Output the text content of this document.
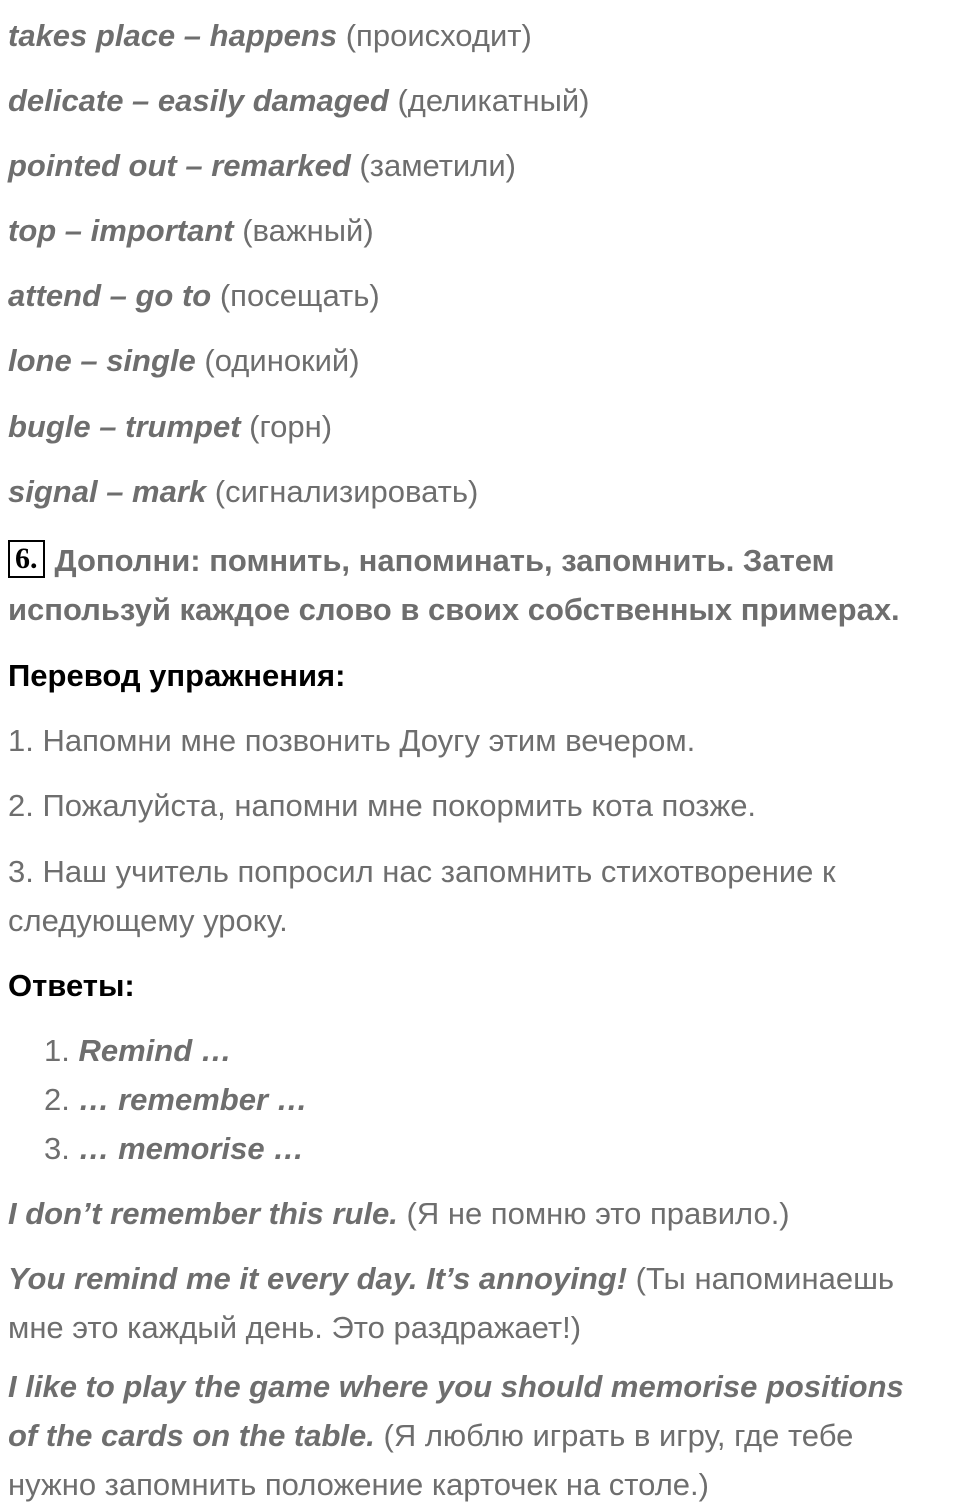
takes place – happens (происходит)

delicate – easily damaged (деликатный)

pointed out – remarked (заметили)

top – important (важный)

attend – go to (посещать)

lone – single (одинокий)

bugle – trumpet (горн)

signal – mark (сигнализировать)

6. Дополни: помнить, напоминать, запомнить. Затем используй каждое слово в своих собственных примерах.

Перевод упражнения:

1. Напомни мне позвонить Доугу этим вечером.

2. Пожалуйста, напомни мне покормить кота позже.

3. Наш учитель попросил нас запомнить стихотворение к следующему уроку.

Ответы:

1. Remind …
2. … remember …
3. … memorise …

I don’t remember this rule. (Я не помню это правило.)

You remind me it every day. It’s annoying! (Ты напоминаешь мне это каждый день. Это раздражает!)

I like to play the game where you should memorise positions of the cards on the table. (Я люблю играть в игру, где тебе нужно запомнить положение карточек на столе.)
